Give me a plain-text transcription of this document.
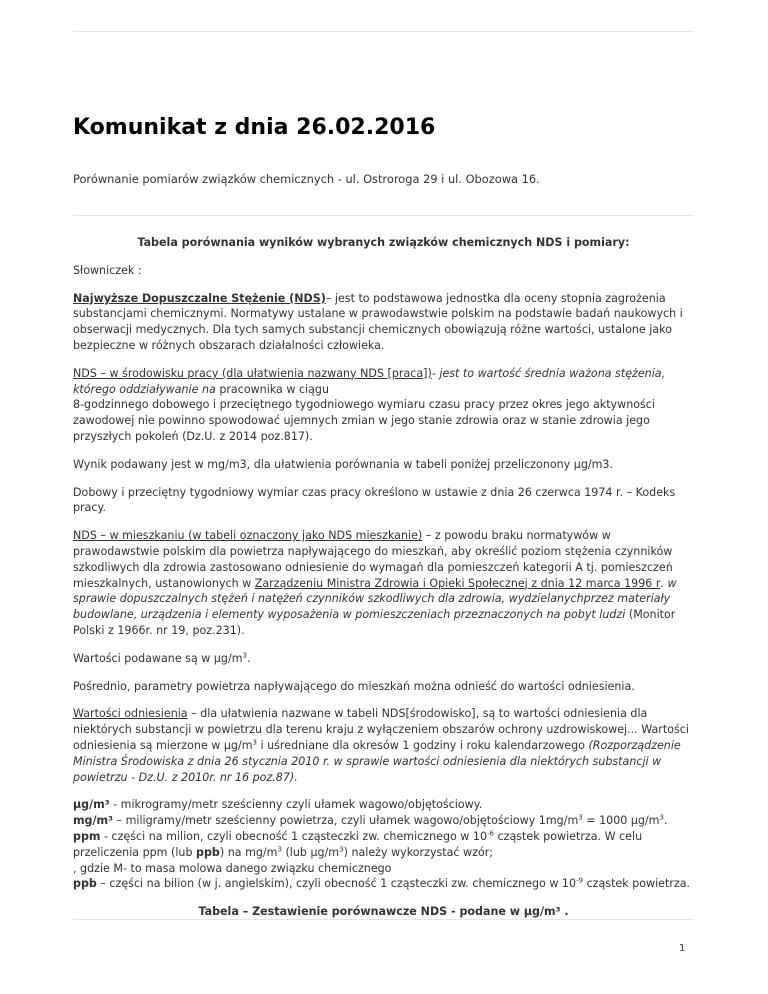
Komunikat z dnia 26.02.2016

Porównanie pomiarów związków chemicznych - ul. Ostroroga 29 i ul. Obozowa 16.

Tabela porównania wyników wybranych związków chemicznych NDS i pomiary:

Słowniczek :

Najwyższe Dopuszczalne Stężenie (NDS)– jest to podstawowa jednostka dla oceny stopnia zagrożenia substancjami chemicznymi. Normatywy ustalane w prawodawstwie polskim na podstawie badań naukowych i obserwacji medycznych. Dla tych samych substancji chemicznych obowiązują różne wartości, ustalone jako bezpieczne w różnych obszarach działalności człowieka.

NDS – w środowisku pracy (dla ułatwienia nazwany NDS [praca])- jest to wartość średnia ważona stężenia, którego oddziaływanie na pracownika w ciągu
8-godzinnego dobowego i przeciętnego tygodniowego wymiaru czasu pracy przez okres jego aktywności zawodowej nie powinno spowodować ujemnych zmian w jego stanie zdrowia oraz w stanie zdrowia jego przyszłych pokoleń (Dz.U. z 2014 poz.817).

Wynik podawany jest w mg/m3, dla ułatwienia porównania w tabeli poniżej przeliczonony µg/m3.

Dobowy i przeciętny tygodniowy wymiar czas pracy określono w ustawie z dnia 26 czerwca 1974 r. – Kodeks pracy.

NDS – w mieszkaniu (w tabeli oznaczony jako NDS mieszkanie) – z powodu braku normatywów w prawodawstwie polskim dla powietrza napływającego do mieszkań, aby określić poziom stężenia czynników szkodliwych dla zdrowia zastosowano odniesienie do wymagań dla pomieszczeń kategorii A tj. pomieszczeń mieszkalnych, ustanowionych w Zarządzeniu Ministra Zdrowia i Opieki Społecznej z dnia 12 marca 1996 r. w sprawie dopuszczalnych stężeń i natężeń czynników szkodliwych dla zdrowia, wydzielanychprzez materiały budowlane, urządzenia i elementy wyposażenia w pomieszczeniach przeznaczonych na pobyt ludzi (Monitor Polski z 1966r. nr 19, poz.231).

Wartości podawane są w $\mu g/m^3$.

Pośrednio, parametry powietrza napływającego do mieszkań można odnieść do wartości odniesienia.

Wartości odniesienia – dla ułatwienia nazwane w tabeli NDS[środowisko], są to wartości odniesienia dla niektórych substancji w powietrzu dla terenu kraju z wyłączeniem obszarów ochrony uzdrowiskowej... Wartości odniesienia są mierzone w $\mu g/m^3$ i uśredniane dla okresów 1 godziny i roku kalendarzowego (Rozporządzenie Ministra Środowiska z dnia 26 stycznia 2010 r. w sprawie wartości odniesienia dla niektórych substancji w powietrzu - Dz.U. z 2010r. nr 16 poz.87).

µg/m³ - mikrogramy/metr sześcienny czyli ułamek wagowo/objętościowy.
mg/m³ – miligramy/metr sześcienny powietrza, czyli ułamek wagowo/objętościowy $1mg/m^3 = 1000$ $\mu g/m^3$.
ppm - części na milion, czyli obecność 1 cząsteczki zw. chemicznego w $10^{-6}$ cząstek powietrza. W celu przeliczenia ppm (lub ppb) na $mg/m^3$ (lub $\mu g/m^3$) należy wykorzystać wzór;
, gdzie M- to masa molowa danego związku chemicznego
ppb – części na bilion (w j. angielskim), czyli obecność 1 cząsteczki zw. chemicznego w $10^{-9}$ cząstek powietrza.

Tabela – Zestawienie porównawcze NDS - podane w µg/m³ .

1
